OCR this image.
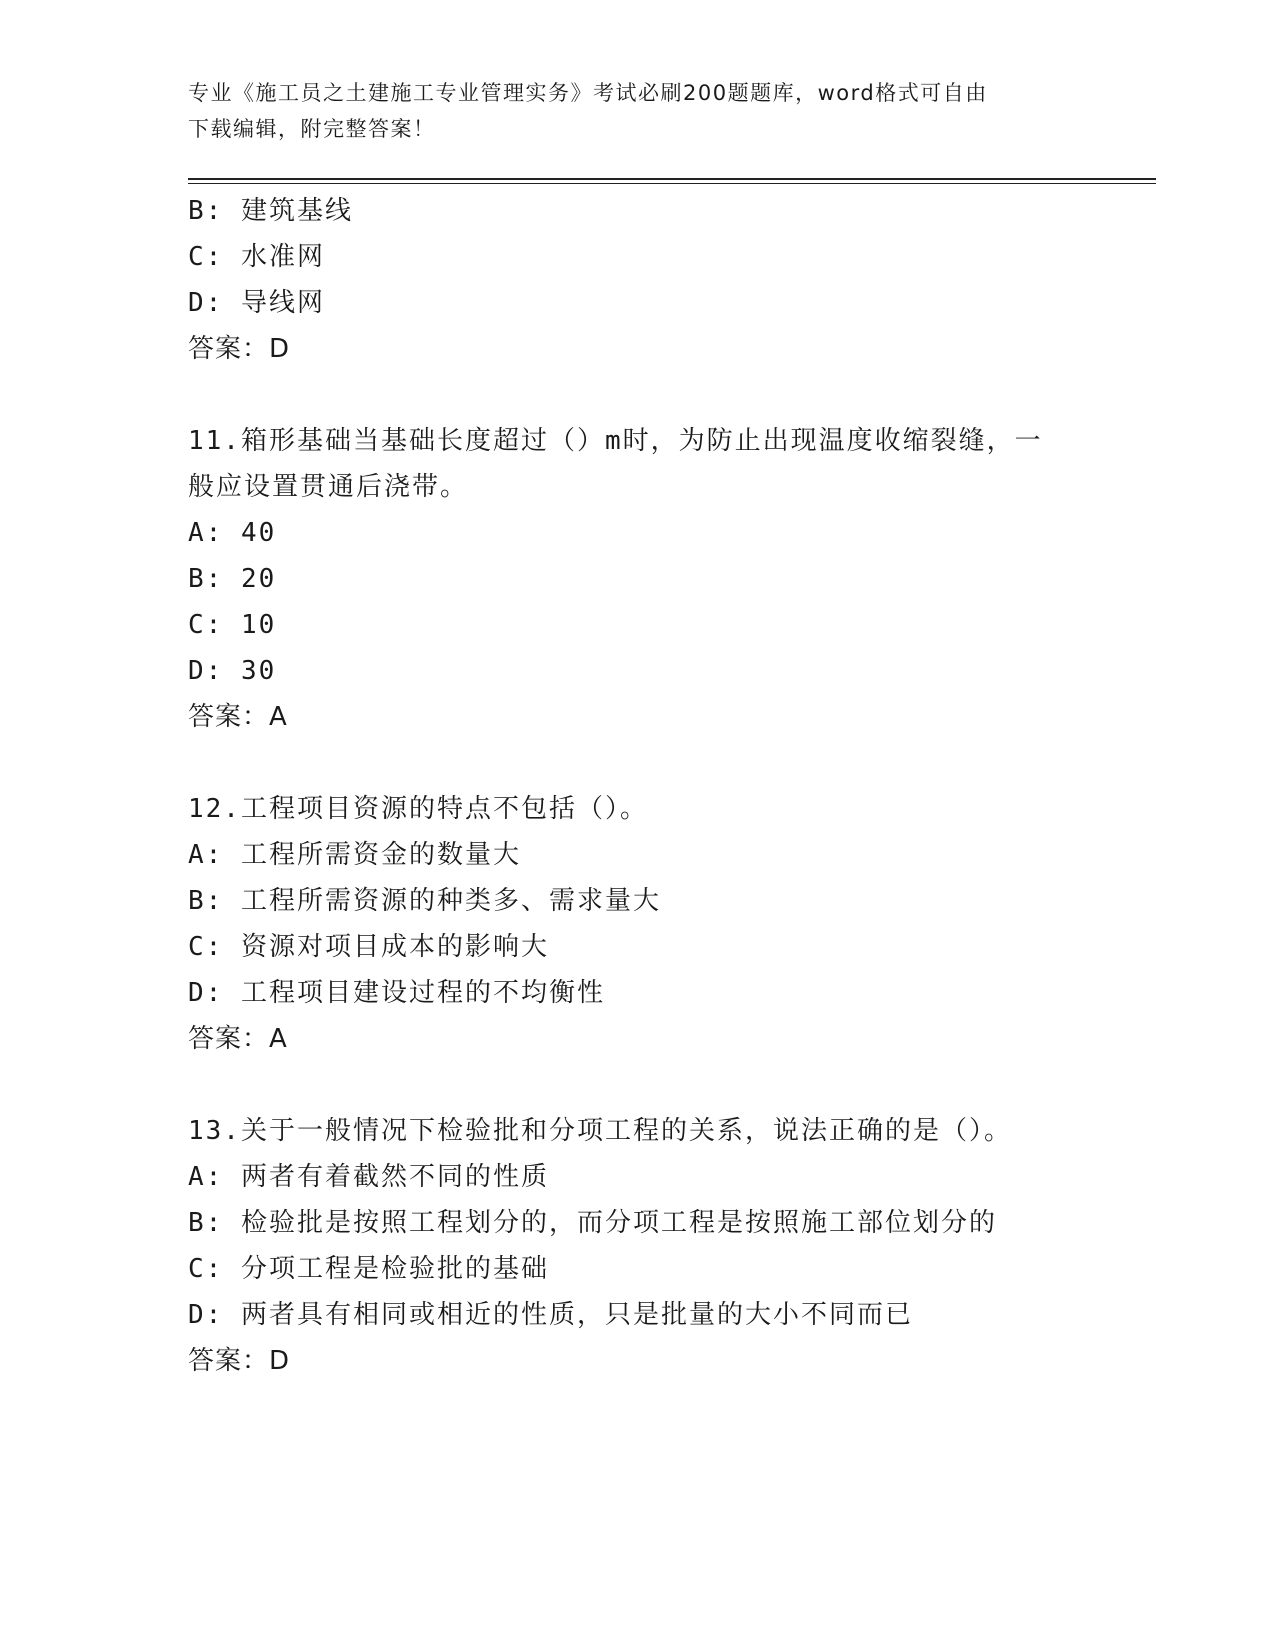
专业《施工员之土建施工专业管理实务》考试必刷200题题库，word格式可自由
下载编辑，附完整答案！
B: 建筑基线
C: 水准网
D: 导线网
答案：D
11.箱形基础当基础长度超过（）m时，为防止出现温度收缩裂缝，一
般应设置贯通后浇带。
A: 40
B: 20
C: 10
D: 30
答案：A
12.工程项目资源的特点不包括（）。
A: 工程所需资金的数量大
B: 工程所需资源的种类多、需求量大
C: 资源对项目成本的影响大
D: 工程项目建设过程的不均衡性
答案：A
13.关于一般情况下检验批和分项工程的关系，说法正确的是（）。
A: 两者有着截然不同的性质
B: 检验批是按照工程划分的，而分项工程是按照施工部位划分的
C: 分项工程是检验批的基础
D: 两者具有相同或相近的性质，只是批量的大小不同而已
答案：D
